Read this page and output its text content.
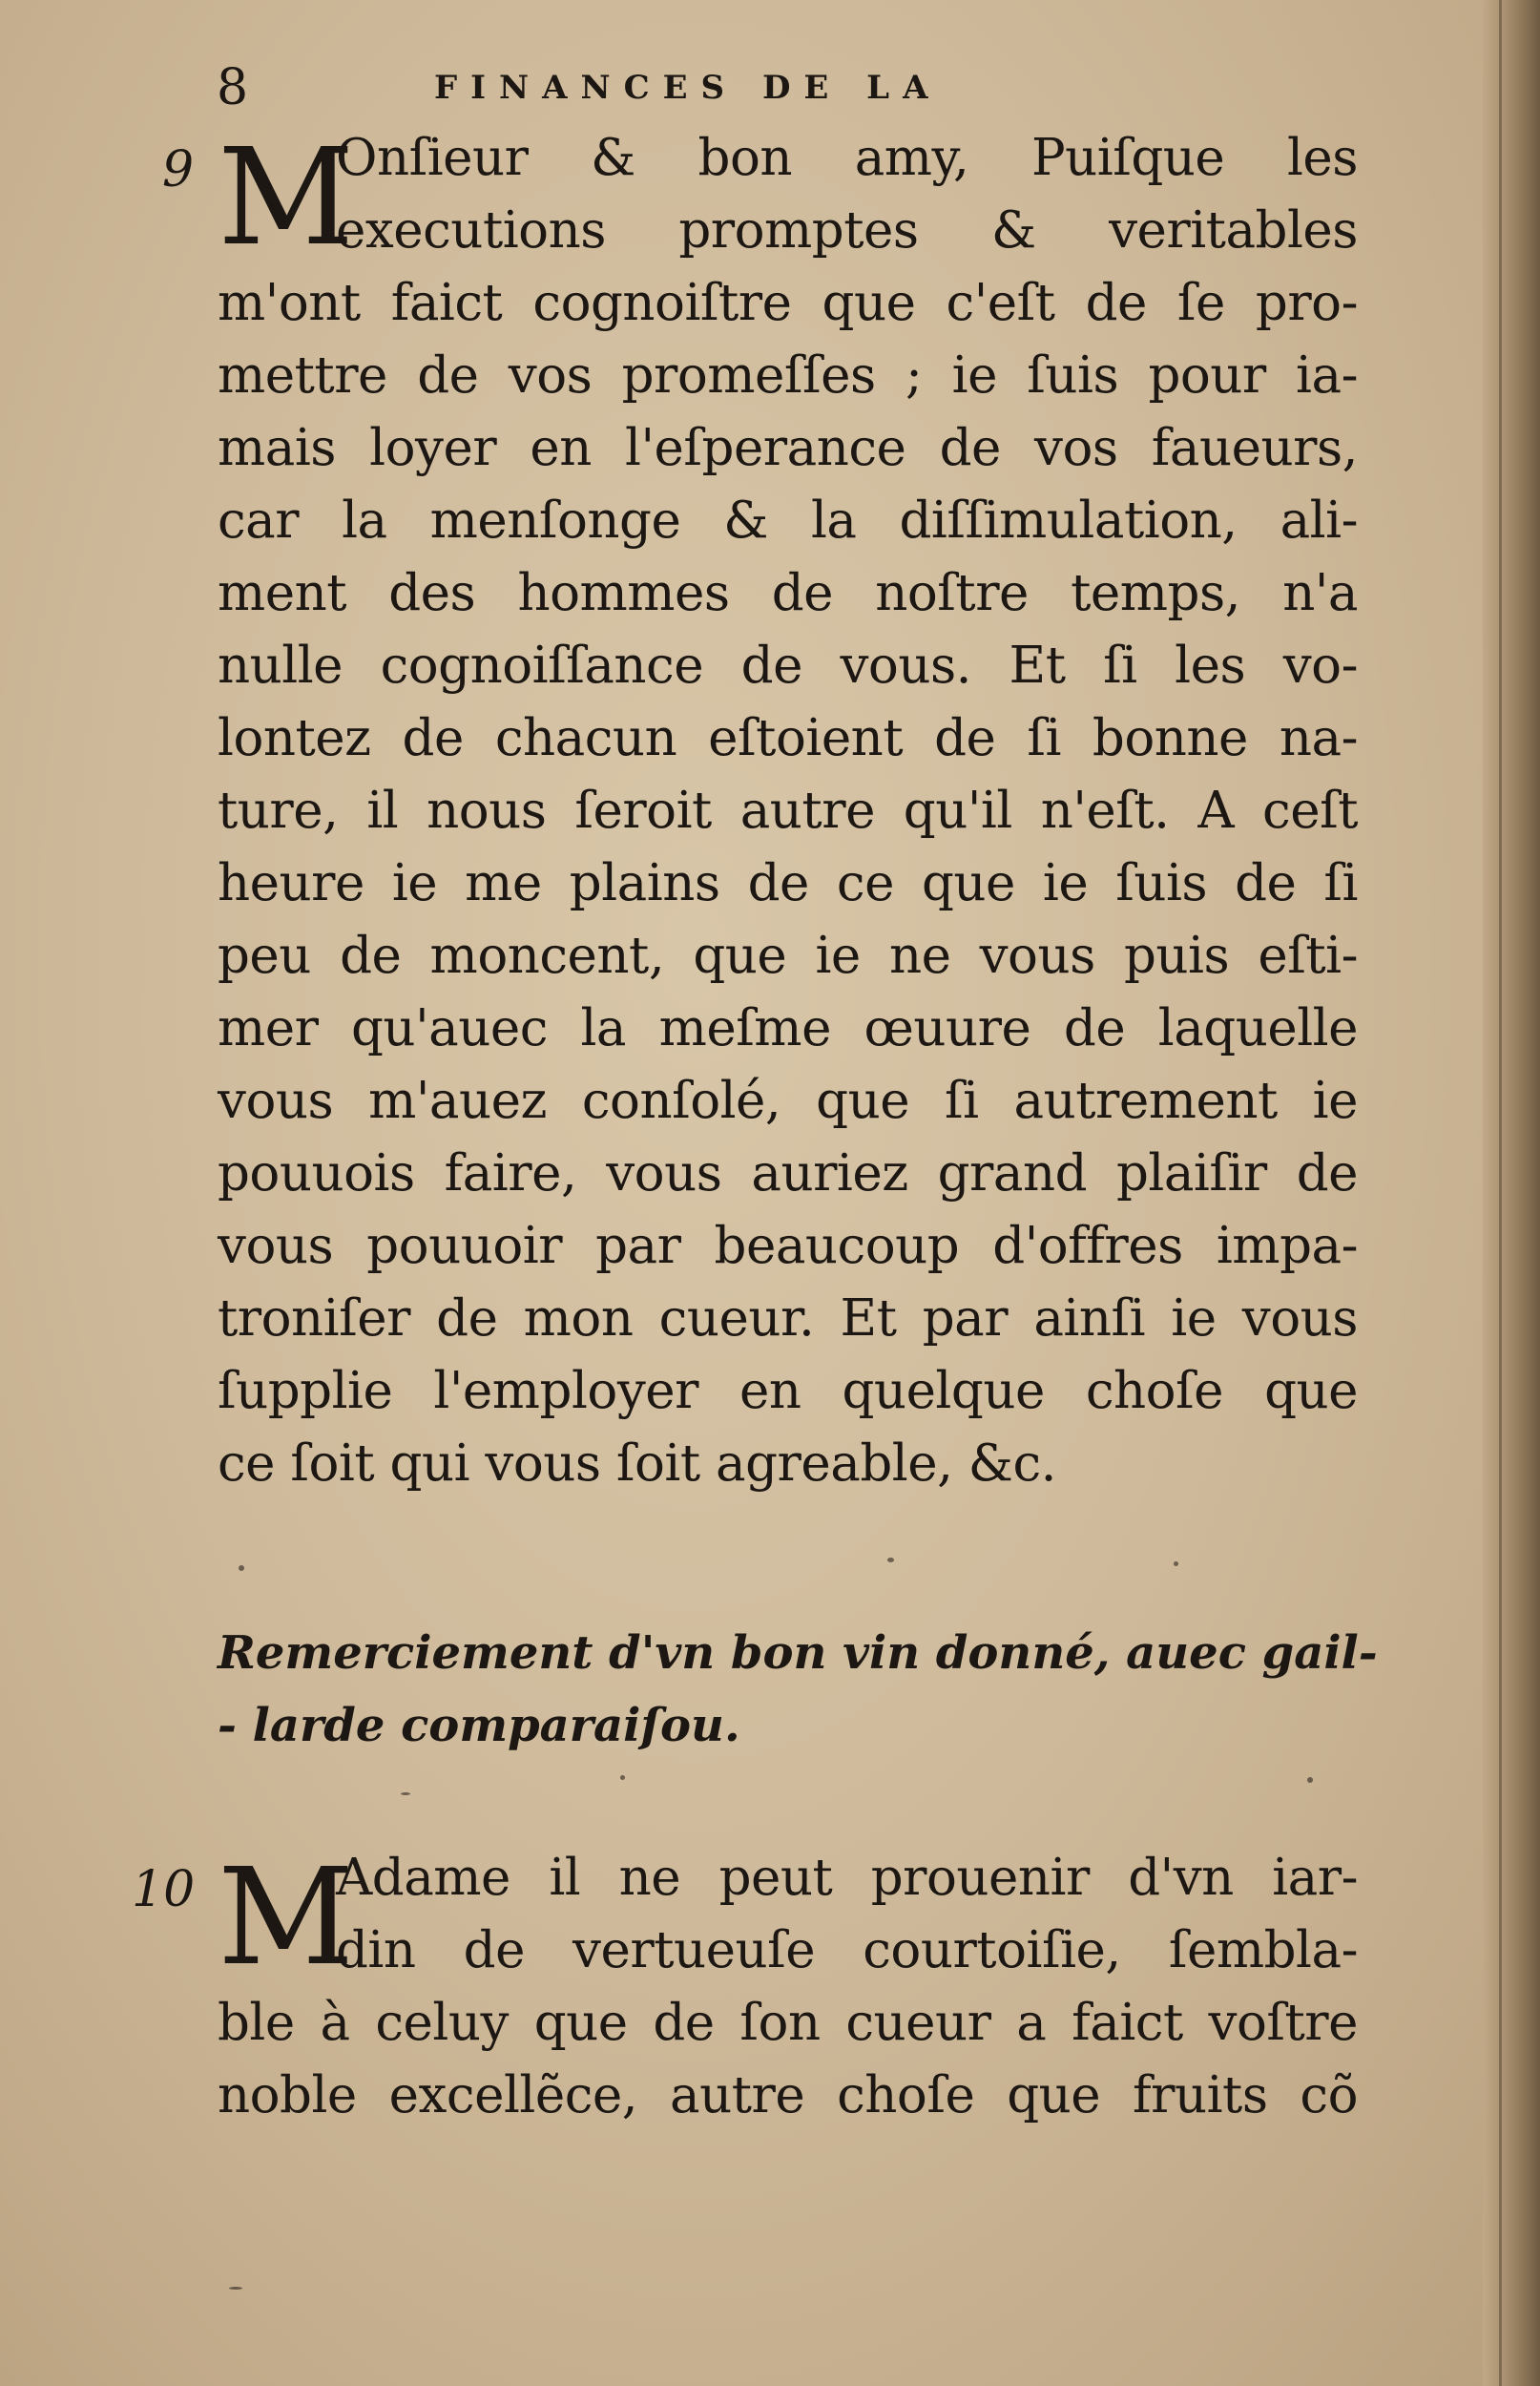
8	FINANCES DE LA
9 M
Onſieur & bon amy, Puiſque les
executions promptes & veritables
m'ont faict cognoiſtre que c'eſt de ſe pro-
mettre de vos promeſſes ; ie ſuis pour ia-
mais loyer en l'eſperance de vos faueurs,
car la menſonge & la diſſimulation, ali-
ment des hommes de noſtre temps, n'a
nulle cognoiſſance de vous. Et ſi les vo-
lontez de chacun eſtoient de ſi bonne na-
ture, il nous ſeroit autre qu'il n'eſt. A ceſt
heure ie me plains de ce que ie ſuis de ſi
peu de moncent, que ie ne vous puis eſti-
mer qu'auec la meſme œuure de laquelle
vous m'auez conſolé, que ſi autrement ie
pouuois faire, vous auriez grand plaiſir de
vous pouuoir par beaucoup d'offres impa-
troniſer de mon cueur. Et par ainſi ie vous
ſupplie l'employer en quelque choſe que
ce ſoit qui vous ſoit agreable, &c.
Remerciement d'vn bon vin donné, auec gail-
- larde comparaiſou.
10 M
Adame il ne peut prouenir d'vn iar-
din de vertueuſe courtoiſie, ſembla-
ble à celuy que de ſon cueur a faict voſtre
noble excellẽce, autre choſe que fruits cõ
